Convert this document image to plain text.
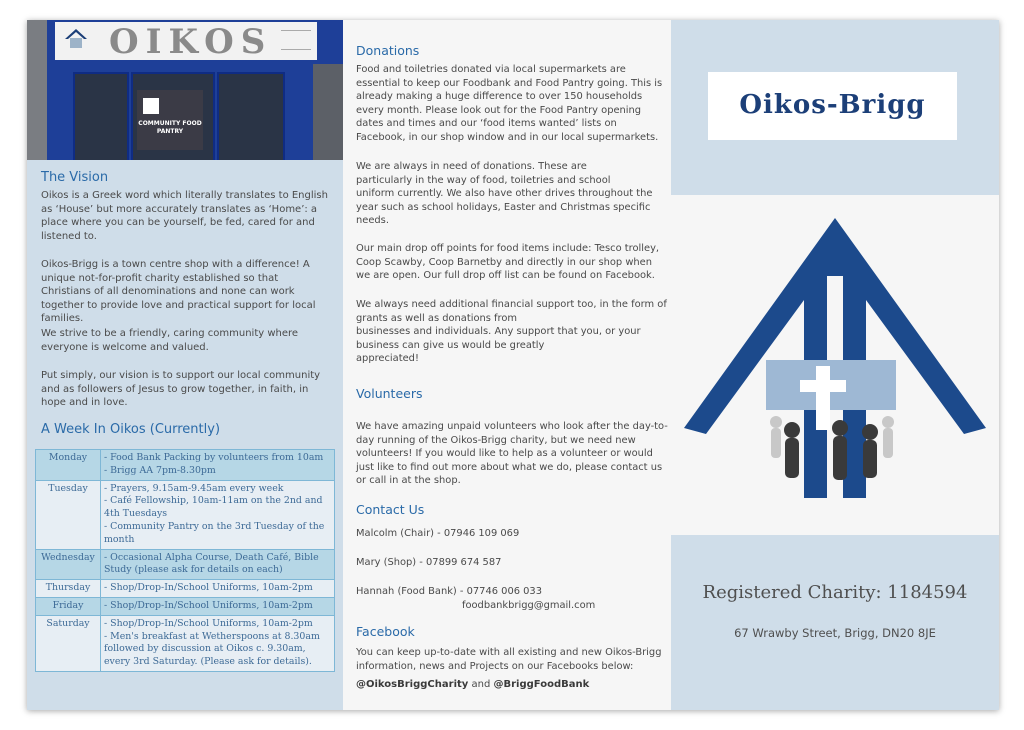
OIKOS
COMMUNITY FOOD PANTRY
The Vision
Oikos is a Greek word which literally translates to English as ‘House’ but more accurately translates as ‘Home’: a place where you can be yourself, be fed, cared for and listened to.
Oikos-Brigg is a town centre shop with a difference! A unique not-for-profit charity established so that Christians of all denominations and none can work together to provide love and practical support for local families.
We strive to be a friendly, caring community where everyone is welcome and valued.
Put simply, our vision is to support our local community and as followers of Jesus to grow together, in faith, in hope and in love.
A Week In Oikos (Currently)
Monday	- Food Bank Packing by volunteers from 10am
- Brigg AA 7pm-8.30pm
Tuesday	- Prayers, 9.15am-9.45am every week
- Café Fellowship, 10am-11am on the 2nd and 4th Tuesdays
- Community Pantry on the 3rd Tuesday of the month
Wednesday	- Occasional Alpha Course, Death Café, Bible Study (please ask for details on each)
Thursday	- Shop/Drop-In/School Uniforms, 10am-2pm
Friday	- Shop/Drop-In/School Uniforms, 10am-2pm
Saturday	- Shop/Drop-In/School Uniforms, 10am-2pm
- Men's breakfast at Wetherspoons at 8.30am followed by discussion at Oikos c. 9.30am, every 3rd Saturday. (Please ask for details).
Donations
Food and toiletries donated via local supermarkets are essential to keep our Foodbank and Food Pantry going. This is already making a huge difference to over 150 households every month. Please look out for the Food Pantry opening dates and times and our ‘food items wanted’ lists on Facebook, in our shop window and in our local supermarkets.
We are always in need of donations. These are
particularly in the way of food, toiletries and school
uniform currently. We also have other drives throughout the year such as school holidays, Easter and Christmas specific needs.
Our main drop off points for food items include: Tesco trolley, Coop Scawby, Coop Barnetby and directly in our shop when we are open. Our full drop off list can be found on Facebook.
We always need additional financial support too, in the form of grants as well as donations from
businesses and individuals. Any support that you, or your business can give us would be greatly
appreciated!
Volunteers
We have amazing unpaid volunteers who look after the day-to-day running of the Oikos-Brigg charity, but we need new volunteers! If you would like to help as a volunteer or would just like to find out more about what we do, please contact us or call in at the shop.
Contact Us
Malcolm (Chair) - 07946 109 069
Mary (Shop) - 07899 674 587
Hannah (Food Bank) - 07746 006 033
foodbankbrigg@gmail.com
Facebook
You can keep up-to-date with all existing and new Oikos-Brigg information, news and Projects on our Facebooks below:
@OikosBriggCharity and @BriggFoodBank
Oikos-Brigg
Registered Charity: 1184594
67 Wrawby Street, Brigg, DN20 8JE
